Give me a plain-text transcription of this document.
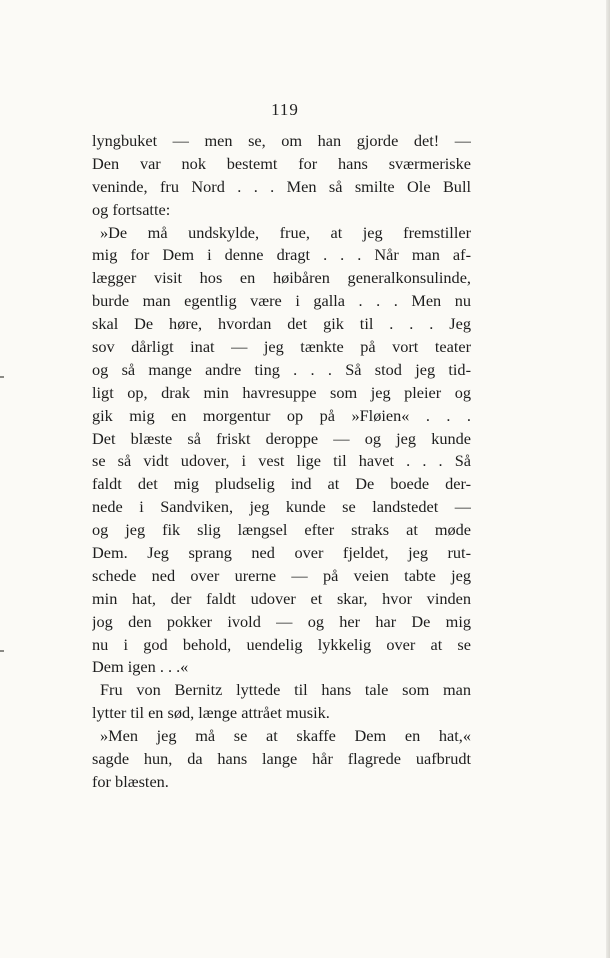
119
lyngbuket — men se, om han gjorde det! —
Den var nok bestemt for hans sværmeriske
veninde, fru Nord . . . Men så smilte Ole Bull
og fortsatte:
»De må undskylde, frue, at jeg fremstiller
mig for Dem i denne dragt . . . Når man af-
lægger visit hos en høibåren generalkonsulinde,
burde man egentlig være i galla . . . Men nu
skal De høre, hvordan det gik til . . . Jeg
sov dårligt inat — jeg tænkte på vort teater
og så mange andre ting . . . Så stod jeg tid-
ligt op, drak min havresuppe som jeg pleier og
gik mig en morgentur op på »Fløien« . . .
Det blæste så friskt deroppe — og jeg kunde
se så vidt udover, i vest lige til havet . . . Så
faldt det mig pludselig ind at De boede der-
nede i Sandviken, jeg kunde se landstedet —
og jeg fik slig længsel efter straks at møde
Dem. Jeg sprang ned over fjeldet, jeg rut-
schede ned over urerne — på veien tabte jeg
min hat, der faldt udover et skar, hvor vinden
jog den pokker ivold — og her har De mig
nu i god behold, uendelig lykkelig over at se
Dem igen . . .«
Fru von Bernitz lyttede til hans tale som man
lytter til en sød, længe attrået musik.
»Men jeg må se at skaffe Dem en hat,«
sagde hun, da hans lange hår flagrede uafbrudt
for blæsten.
